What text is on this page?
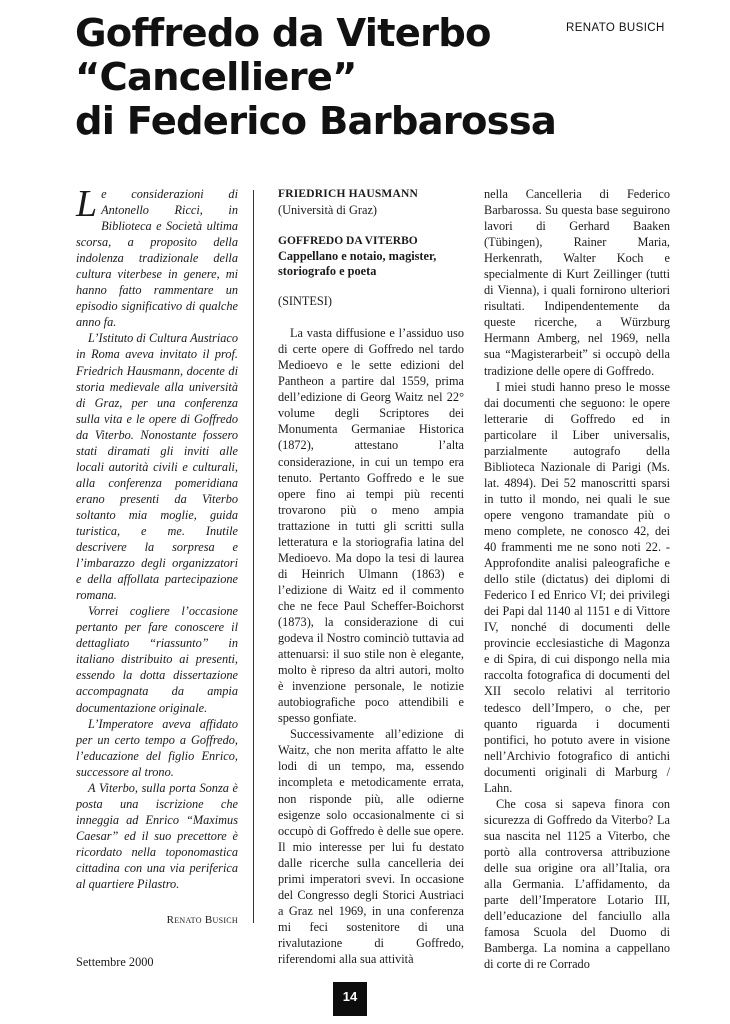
Goffredo da Viterbo
“Cancelliere”
di Federico Barbarossa
RENATO BUSICH

Le considerazioni di Antonello Ricci, in Biblioteca e Società ultima scorsa, a proposito della indolenza tradizionale della cultura viterbese in genere, mi hanno fatto rammentare un episodio significativo di qualche anno fa.

L’Istituto di Cultura Austriaco in Roma aveva invitato il prof. Friedrich Hausmann, docente di storia medievale alla università di Graz, per una conferenza sulla vita e le opere di Goffredo da Viterbo. Nonostante fossero stati diramati gli inviti alle locali autorità civili e culturali, alla conferenza pomeridiana erano presenti da Viterbo soltanto mia moglie, guida turistica, e me. Inutile descrivere la sorpresa e l’imbarazzo degli organizzatori e della affollata partecipazione romana.

Vorrei cogliere l’occasione pertanto per fare conoscere il dettagliato “riassunto” in italiano distribuito ai presenti, essendo la dotta dissertazione accompagnata da ampia documentazione originale.

L’Imperatore aveva affidato per un certo tempo a Goffredo, l’educazione del figlio Enrico, successore al trono.

A Viterbo, sulla porta Sonza è posta una iscrizione che inneggia ad Enrico “Maximus Caesar” ed il suo precettore è ricordato nella toponomastica cittadina con una via periferica al quartiere Pilastro.

Renato Busich
Settembre 2000
FRIEDRICH HAUSMANN
(Università di Graz)
GOFFREDO DA VITERBO
Cappellano e notaio, magister, storiografo e poeta
(SINTESI)

La vasta diffusione e l’assiduo uso di certe opere di Goffredo nel tardo Medioevo e le sette edizioni del Pantheon a partire dal 1559, prima dell’edizione di Georg Waitz nel 22° volume degli Scriptores dei Monumenta Germaniae Historica (1872), attestano l’alta considerazione, in cui un tempo era tenuto. Pertanto Goffredo e le sue opere fino ai tempi più recenti trovarono più o meno ampia trattazione in tutti gli scritti sulla letteratura e la storiografia latina del Medioevo. Ma dopo la tesi di laurea di Heinrich Ulmann (1863) e l’edizione di Waitz ed il commento che ne fece Paul Scheffer-Boichorst (1873), la considerazione di cui godeva il Nostro cominciò tuttavia ad attenuarsi: il suo stile non è elegante, molto è ripreso da altri autori, molto è invenzione personale, le notizie autobiografiche poco attendibili e spesso gonfiate.

Successivamente all’edizione di Waitz, che non merita affatto le alte lodi di un tempo, ma, essendo incompleta e metodicamente errata, non risponde più, alle odierne esigenze solo occasionalmente ci si occupò di Goffredo è delle sue opere. Il mio interesse per lui fu destato dalle ricerche sulla cancelleria dei primi imperatori svevi. In occasione del Congresso degli Storici Austriaci a Graz nel 1969, in una conferenza mi feci sostenitore di una rivalutazione di Goffredo, riferendomi alla sua attività

nella Cancelleria di Federico Barbarossa. Su questa base seguirono lavori di Gerhard Baaken (Tübingen), Rainer Maria, Herkenrath, Walter Koch e specialmente di Kurt Zeillinger (tutti di Vienna), i quali fornirono ulteriori risultati. Indipendentemente da queste ricerche, a Würzburg Hermann Amberg, nel 1969, nella sua “Magisterarbeit” si occupò della tradizione delle opere di Goffredo.

I miei studi hanno preso le mosse dai documenti che seguono: le opere letterarie di Goffredo ed in particolare il Liber universalis, parzialmente autografo della Biblioteca Nazionale di Parigi (Ms. lat. 4894). Dei 52 manoscritti sparsi in tutto il mondo, nei quali le sue opere vengono tramandate più o meno complete, ne conosco 42, dei 40 frammenti me ne sono noti 22. - Approfondite analisi paleografiche e dello stile (dictatus) dei diplomi di Federico I ed Enrico VI; dei privilegi dei Papi dal 1140 al 1151 e di Vittore IV, nonché di documenti delle provincie ecclesiastiche di Magonza e di Spira, di cui dispongo nella mia raccolta fotografica di documenti del XII secolo relativi al territorio tedesco dell’Impero, o che, per quanto riguarda i documenti pontifici, ho potuto avere in visione nell’Archivio fotografico di antichi documenti originali di Marburg / Lahn.

Che cosa si sapeva finora con sicurezza di Goffredo da Viterbo? La sua nascita nel 1125 a Viterbo, che portò alla controversa attribuzione delle sua origine ora all’Italia, ora alla Germania. L’affidamento, da parte dell’Imperatore Lotario III, dell’educazione del fanciullo alla famosa Scuola del Duomo di Bamberga. La nomina a cappellano di corte di re Corrado

14
